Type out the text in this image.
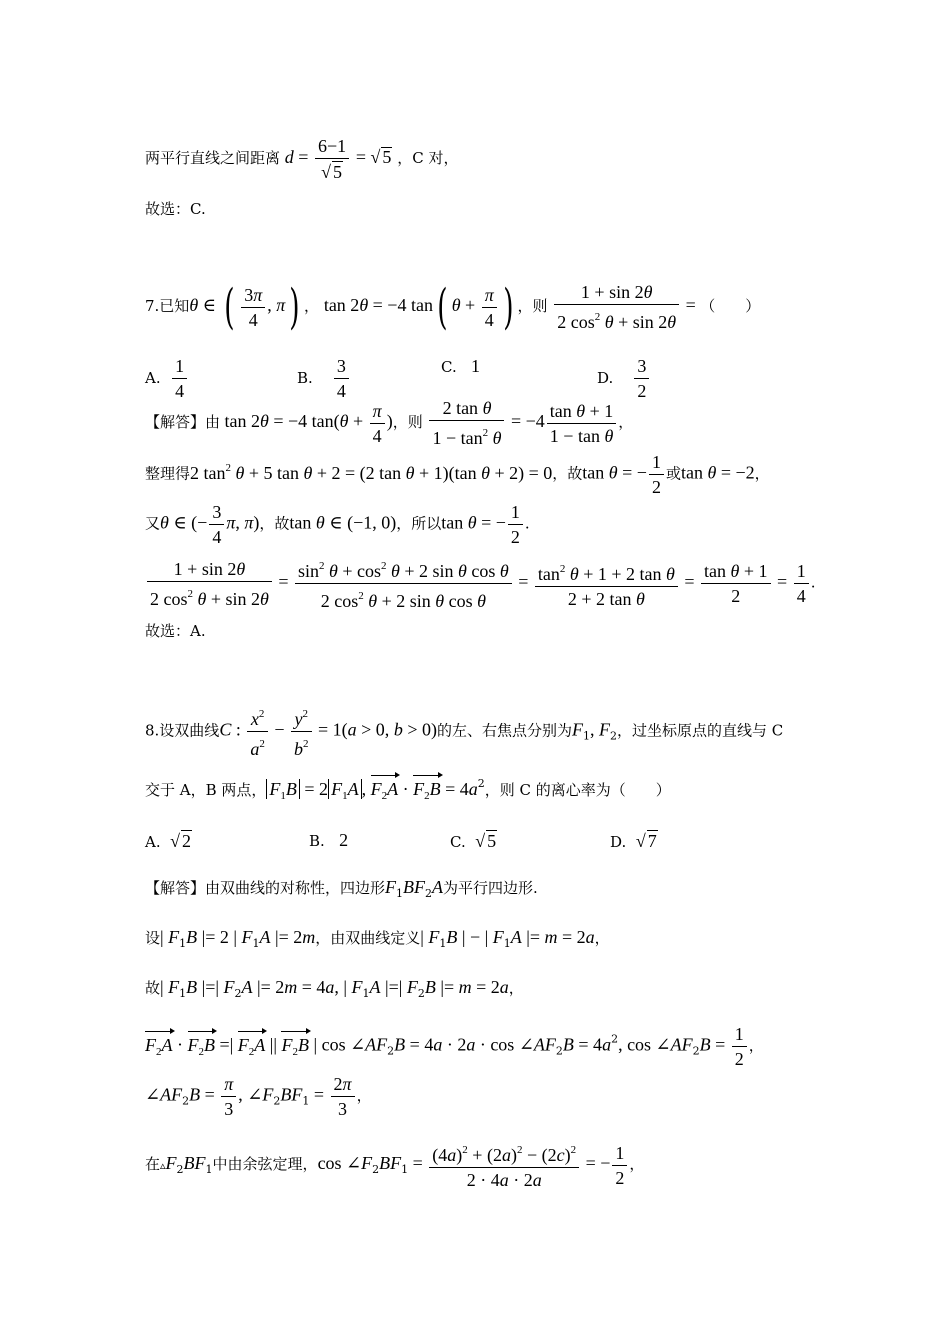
两平行直线之间距离 $d = \frac{6-1}{√ 5}$ = √ 5 ，C 对，
故选：C.
7.已知θ ∈ ( $\frac{3\pi}{4}$ , π) ， tan 2θ = −4 tan( $\theta + \frac{\pi}{4}$ ) ，则 $\frac{1 + \sin 2\theta}{2 \cos^2 \theta + \sin 2\theta}$ = （　　）
A. $\frac{1}{4}$	B. $\frac{3}{4}$	C. 1
D. $\frac{3}{2}$
【解答】由 tan 2θ = −4 $\tan(\theta + \frac{\pi}{4}$ )，则 $\frac{\text{2 tan θ}}{1 - \tan^2 \theta} = -4 \frac{\text{tan θ + 1}}{\text{1 − tan θ}}$ ，
整理得2 $\tan^2 \theta + 5$ tan θ + 2 = (2 tan θ + 1)(tan θ + 2) = 0，故tan θ = − $\frac{1}{2}$ 或tan θ = −2，
又θ ∈ (− $\frac{3}{4} \pi$, π)，故tan θ ∈ (−1, 0)，所以tan θ = − $\frac{1}{2}$ .
$\frac{1 + \sin 2\theta}{2 \cos^2 \theta + \sin 2\theta} = \frac{\sin^2 \theta + \cos^2 \theta + 2 \sin \theta \cos \theta}{2 \cos^2 \theta + 2 \sin \theta \cos \theta} = \frac{\tan^2 \theta + 1 + 2 \tan \theta}{\text{2 + 2 tan θ}} = \frac{\text{tan θ + 1}}{2} = \frac{1}{4}$ .
故选：A.
8.设双曲线C : $\frac{x^2}{a^2} - \frac{y^2}{b^2} = 1(a > 0$, b > 0)的左、右焦点分别为$F_1$, $F_2$，过坐标原点的直线与 C
交于 A，B 两点， $F_1B = 2$ $F_1A$ , $F_2A \cdot F_2B = 4a^2$，则 C 的离心率为（　　）
A. √ 2	B. 2	C. √ 5	D. √ 7
【解答】由双曲线的对称性，四边形$F_1BF_2A$为平行四边形.
设| $F_1B$ |= 2 | $F_1A$ |= 2m，由双曲线定义| $F_1B$ | − | $F_1A$ |= m = 2a，
故| $F_1B$ |=| $F_2A$ |= 2m = 4a, | $F_1A$ |=| $F_2B$ |= m = 2a，
$F_2A \cdot F_2B$ =| $F_2A$ || $F_2B$ | $\cos \angle AF_2B = 4a \cdot 2a \cdot \cos$ $\angle AF_2B = 4a^2$, $\cos \angle AF_2B = \frac{1}{2}$ ，
$\angle AF_2B = \frac{\pi}{3}$ , $\angle F_2BF_1 = \frac{2\pi}{3}$ ，
在$▵F_2BF_1$中由余弦定理，$\cos \angle F_2BF_1 = \frac{(4a)^2 + (2a)^2 - (2c)^2}{2 \cdot 4a \cdot 2a}$ = − $\frac{1}{2}$ ，
